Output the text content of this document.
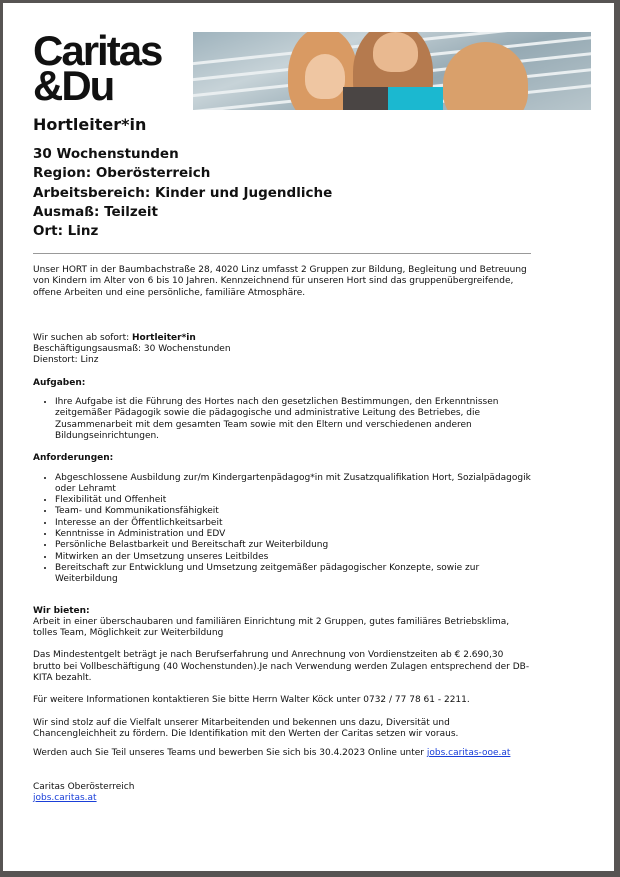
Caritas
&Du
Hortleiter*in
30 Wochenstunden
Region: Oberösterreich
Arbeitsbereich: Kinder und Jugendliche
Ausmaß: Teilzeit
Ort: Linz

Unser HORT in der Baumbachstraße 28, 4020 Linz umfasst 2 Gruppen zur Bildung, Begleitung und Betreuung von Kindern im Alter von 6 bis 10 Jahren. Kennzeichnend für unseren Hort sind das gruppenübergreifende, offene Arbeiten und eine persönliche, familiäre Atmosphäre.

Wir suchen ab sofort: Hortleiter*in

Beschäftigungsausmaß: 30 Wochenstunden

Dienstort: Linz

Aufgaben:

• Ihre Aufgabe ist die Führung des Hortes nach den gesetzlichen Bestimmungen, den Erkenntnissen zeitgemäßer Pädagogik sowie die pädagogische und administrative Leitung des Betriebes, die Zusammenarbeit mit dem gesamten Team sowie mit den Eltern und verschiedenen anderen Bildungseinrichtungen.

Anforderungen:

• Abgeschlossene Ausbildung zur/m Kindergartenpädagog*in mit Zusatzqualifikation Hort, Sozialpädagogik oder Lehramt
• Flexibilität und Offenheit
• Team- und Kommunikationsfähigkeit
• Interesse an der Öffentlichkeitsarbeit
• Kenntnisse in Administration und EDV
• Persönliche Belastbarkeit und Bereitschaft zur Weiterbildung
• Mitwirken an der Umsetzung unseres Leitbildes
• Bereitschaft zur Entwicklung und Umsetzung zeitgemäßer pädagogischer Konzepte, sowie zur Weiterbildung

Wir bieten:

Arbeit in einer überschaubaren und familiären Einrichtung mit 2 Gruppen, gutes familiäres Betriebsklima, tolles Team, Möglichkeit zur Weiterbildung

Das Mindestentgelt beträgt je nach Berufserfahrung und Anrechnung von Vordienstzeiten ab € 2.690,30 brutto bei Vollbeschäftigung (40 Wochenstunden).Je nach Verwendung werden Zulagen entsprechend der DB-KITA bezahlt.

Für weitere Informationen kontaktieren Sie bitte Herrn Walter Köck unter 0732 / 77 78 61 - 2211.

Wir sind stolz auf die Vielfalt unserer Mitarbeitenden und bekennen uns dazu, Diversität und Chancengleichheit zu fördern. Die Identifikation mit den Werten der Caritas setzen wir voraus.

Werden auch Sie Teil unseres Teams und bewerben Sie sich bis 30.4.2023 Online unter jobs.caritas-ooe.at

Caritas Oberösterreich

jobs.caritas.at
